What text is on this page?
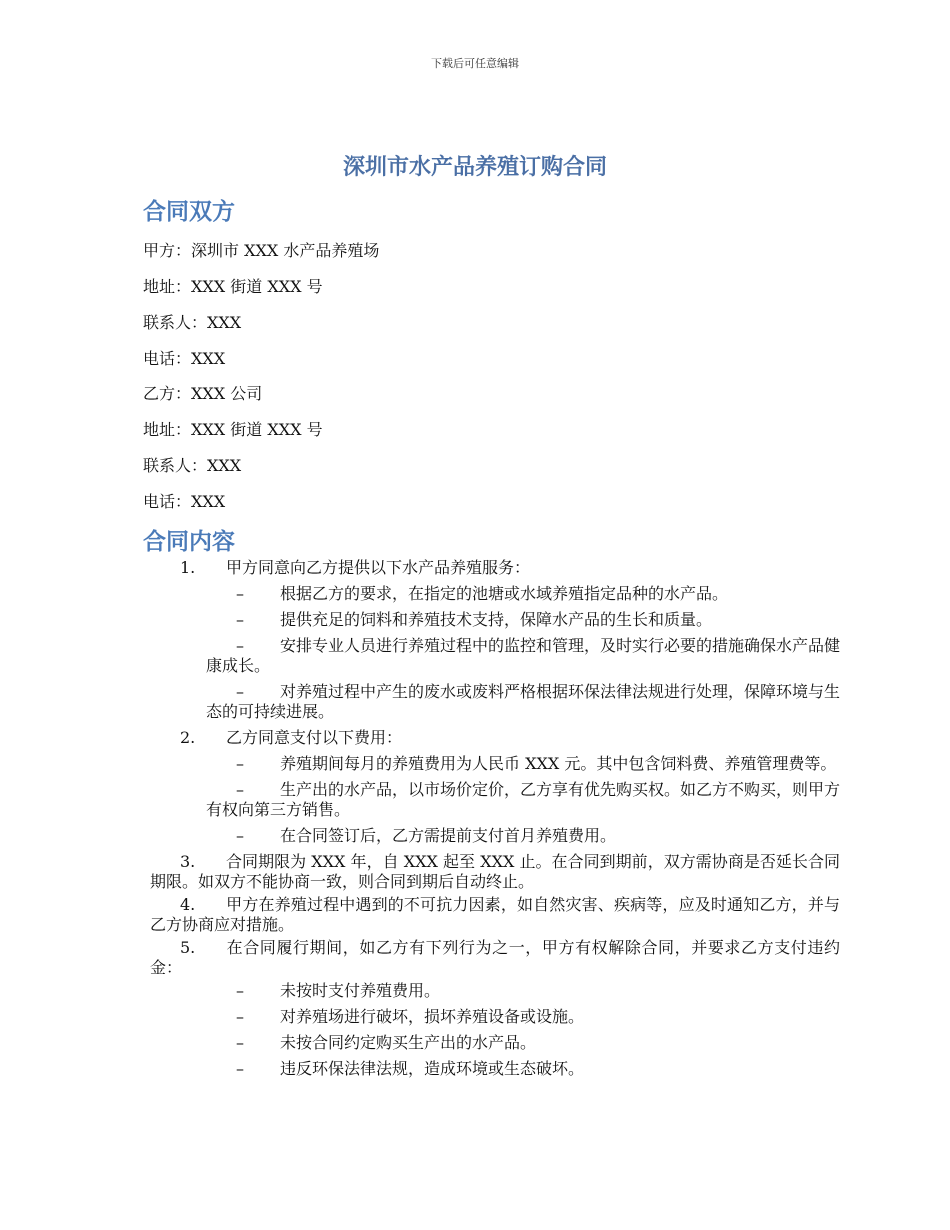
下载后可任意编辑
深圳市水产品养殖订购合同
合同双方
甲方：深圳市 XXX 水产品养殖场
地址：XXX 街道 XXX 号
联系人：XXX
电话：XXX
乙方：XXX 公司
地址：XXX 街道 XXX 号
联系人：XXX
电话：XXX
合同内容

1. 甲方同意向乙方提供以下水产品养殖服务：

– 根据乙方的要求，在指定的池塘或水域养殖指定品种的水产品。

– 提供充足的饲料和养殖技术支持，保障水产品的生长和质量。

– 安排专业人员进行养殖过程中的监控和管理，及时实行必要的措施确保水产品健康成长。

– 对养殖过程中产生的废水或废料严格根据环保法律法规进行处理，保障环境与生态的可持续进展。

2. 乙方同意支付以下费用：

– 养殖期间每月的养殖费用为人民币 XXX 元。其中包含饲料费、养殖管理费等。

– 生产出的水产品，以市场价定价，乙方享有优先购买权。如乙方不购买，则甲方有权向第三方销售。

– 在合同签订后，乙方需提前支付首月养殖费用。

3. 合同期限为 XXX 年，自 XXX 起至 XXX 止。在合同到期前，双方需协商是否延长合同期限。如双方不能协商一致，则合同到期后自动终止。

4. 甲方在养殖过程中遇到的不可抗力因素，如自然灾害、疾病等，应及时通知乙方，并与乙方协商应对措施。

5. 在合同履行期间，如乙方有下列行为之一，甲方有权解除合同，并要求乙方支付违约金：

– 未按时支付养殖费用。

– 对养殖场进行破坏，损坏养殖设备或设施。

– 未按合同约定购买生产出的水产品。

– 违反环保法律法规，造成环境或生态破坏。
